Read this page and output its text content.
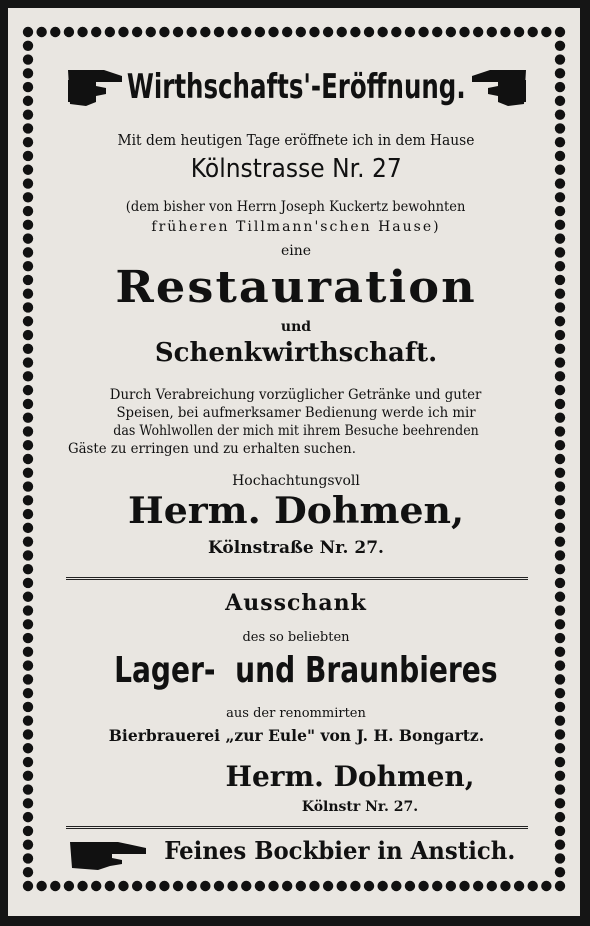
Wirthschafts'-Eröffnung.
Mit dem heutigen Tage eröffnete ich in dem Hause
Kölnstrasse Nr. 27
(dem bisher von Herrn Joseph Kuckertz bewohnten
früheren Tillmann'schen Hause)
eine
Restauration
und
Schenkwirthschaft.
Durch Verabreichung vorzüglicher Getränke und guter
Speisen, bei aufmerksamer Bedienung werde ich mir
das Wohlwollen der mich mit ihrem Besuche beehrenden
Gäste zu erringen und zu erhalten suchen.
Hochachtungsvoll
Herm. Dohmen,
Kölnstraße Nr. 27.
Ausschank
des so beliebten
Lager-  und Braunbieres
aus der renommirten
Bierbrauerei „zur Eule" von J. H. Bongartz.
Herm. Dohmen,
Kölnstr Nr. 27.
Feines Bockbier in Anstich.
